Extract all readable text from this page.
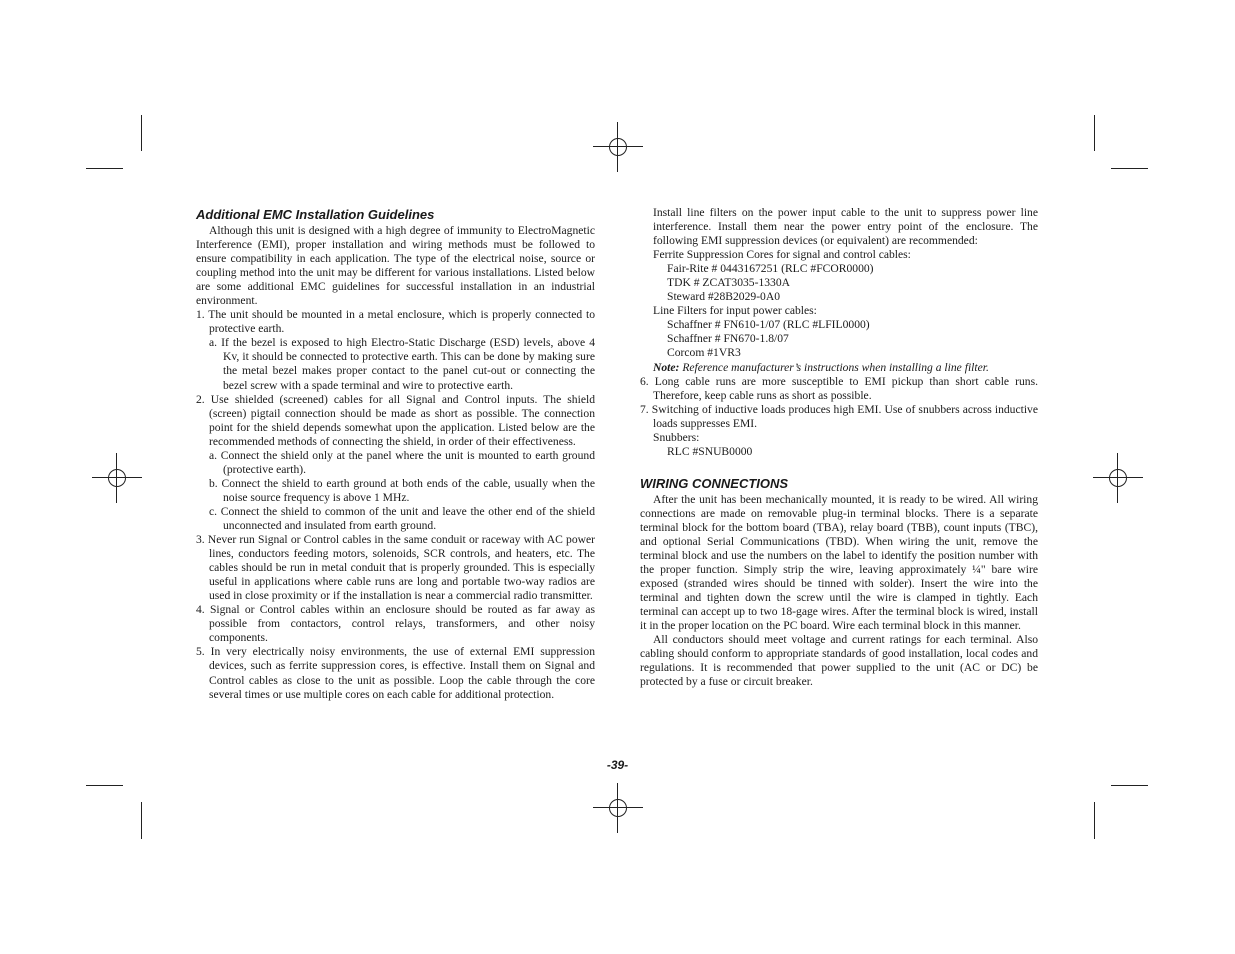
Additional EMC Installation Guidelines

Although this unit is designed with a high degree of immunity to ElectroMagnetic Interference (EMI), proper installation and wiring methods must be followed to ensure compatibility in each application. The type of the electrical noise, source or coupling method into the unit may be different for various installations. Listed below are some additional EMC guidelines for successful installation in an industrial environment.

1. The unit should be mounted in a metal enclosure, which is properly connected to protective earth.

a. If the bezel is exposed to high Electro-Static Discharge (ESD) levels, above 4 Kv, it should be connected to protective earth. This can be done by making sure the metal bezel makes proper contact to the panel cut-out or connecting the bezel screw with a spade terminal and wire to protective earth.

2. Use shielded (screened) cables for all Signal and Control inputs. The shield (screen) pigtail connection should be made as short as possible. The connection point for the shield depends somewhat upon the application. Listed below are the recommended methods of connecting the shield, in order of their effectiveness.

a. Connect the shield only at the panel where the unit is mounted to earth ground (protective earth).

b. Connect the shield to earth ground at both ends of the cable, usually when the noise source frequency is above 1 MHz.

c. Connect the shield to common of the unit and leave the other end of the shield unconnected and insulated from earth ground.

3. Never run Signal or Control cables in the same conduit or raceway with AC power lines, conductors feeding motors, solenoids, SCR controls, and heaters, etc. The cables should be run in metal conduit that is properly grounded. This is especially useful in applications where cable runs are long and portable two-way radios are used in close proximity or if the installation is near a commercial radio transmitter.

4. Signal or Control cables within an enclosure should be routed as far away as possible from contactors, control relays, transformers, and other noisy components.

5. In very electrically noisy environments, the use of external EMI suppression devices, such as ferrite suppression cores, is effective. Install them on Signal and Control cables as close to the unit as possible. Loop the cable through the core several times or use multiple cores on each cable for additional protection.

Install line filters on the power input cable to the unit to suppress power line interference. Install them near the power entry point of the enclosure. The following EMI suppression devices (or equivalent) are recommended:

Ferrite Suppression Cores for signal and control cables:

Fair-Rite # 0443167251 (RLC #FCOR0000)

TDK # ZCAT3035-1330A

Steward #28B2029-0A0

Line Filters for input power cables:

Schaffner # FN610-1/07 (RLC #LFIL0000)

Schaffner # FN670-1.8/07

Corcom #1VR3

Note: Reference manufacturer’s instructions when installing a line filter.

6. Long cable runs are more susceptible to EMI pickup than short cable runs. Therefore, keep cable runs as short as possible.

7. Switching of inductive loads produces high EMI. Use of snubbers across inductive loads suppresses EMI.

Snubbers:

RLC #SNUB0000

WIRING CONNECTIONS

After the unit has been mechanically mounted, it is ready to be wired. All wiring connections are made on removable plug-in terminal blocks. There is a separate terminal block for the bottom board (TBA), relay board (TBB), count inputs (TBC), and optional Serial Communications (TBD). When wiring the unit, remove the terminal block and use the numbers on the label to identify the position number with the proper function. Simply strip the wire, leaving approximately ¼" bare wire exposed (stranded wires should be tinned with solder). Insert the wire into the terminal and tighten down the screw until the wire is clamped in tightly. Each terminal can accept up to two 18-gage wires. After the terminal block is wired, install it in the proper location on the PC board. Wire each terminal block in this manner.

All conductors should meet voltage and current ratings for each terminal. Also cabling should conform to appropriate standards of good installation, local codes and regulations. It is recommended that power supplied to the unit (AC or DC) be protected by a fuse or circuit breaker.

-39-
